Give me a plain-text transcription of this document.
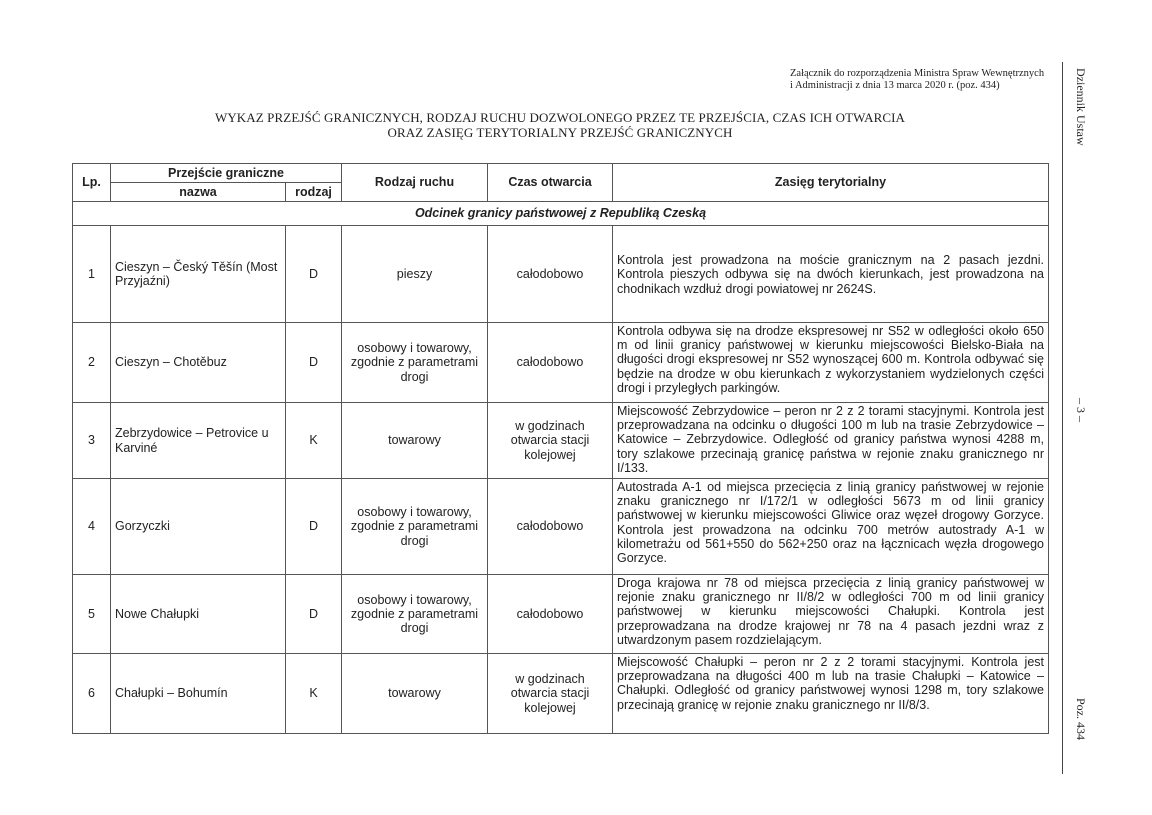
Załącznik do rozporządzenia Ministra Spraw Wewnętrznych
i Administracji z dnia 13 marca 2020 r. (poz. 434)
WYKAZ PRZEJŚĆ GRANICZNYCH, RODZAJ RUCHU DOZWOLONEGO PRZEZ TE PRZEJŚCIA, CZAS ICH OTWARCIA
ORAZ ZASIĘG TERYTORIALNY PRZEJŚĆ GRANICZNYCH	Dziennik Ustaw
– 3 –
Poz. 434
Lp.	Przejście graniczne		Rodzaj ruchu	Czas otwarcia	Zasięg terytorialny
	nazwa	rodzaj			
Odcinek granicy państwowej z Republiką Czeską					
1	Cieszyn – Český Těšín (Most Przyjaźni)	D	pieszy	całodobowo	Kontrola jest prowadzona na moście granicznym na 2 pasach jezdni. Kontrola pieszych odbywa się na dwóch kierunkach, jest prowadzona na chodnikach wzdłuż drogi powiatowej nr 2624S.
2	Cieszyn – Chotěbuz	D	osobowy i towarowy, zgodnie z parametrami drogi	całodobowo	Kontrola odbywa się na drodze ekspresowej nr S52 w odległości około 650 m od linii granicy państwowej w kierunku miejscowości Bielsko-Biała na długości drogi ekspresowej nr S52 wynoszącej 600 m. Kontrola odbywać się będzie na drodze w obu kierunkach z wykorzystaniem wydzielonych części drogi i przyległych parkingów.
3	Zebrzydowice – Petrovice u Karviné	K	towarowy	w godzinach otwarcia stacji kolejowej	Miejscowość Zebrzydowice – peron nr 2 z 2 torami stacyjnymi. Kontrola jest przeprowadzana na odcinku o długości 100 m lub na trasie Zebrzydowice – Katowice – Zebrzydowice. Odległość od granicy państwa wynosi 4288 m, tory szlakowe przecinają granicę państwa w rejonie znaku granicznego nr I/133.
4	Gorzyczki	D	osobowy i towarowy, zgodnie z parametrami drogi	całodobowo	Autostrada A-1 od miejsca przecięcia z linią granicy państwowej w rejonie znaku granicznego nr I/172/1 w odległości 5673 m od linii granicy państwowej w kierunku miejscowości Gliwice oraz węzeł drogowy Gorzyce. Kontrola jest prowadzona na odcinku 700 metrów autostrady A-1 w kilometrażu od 561+550 do 562+250 oraz na łącznicach węzła drogowego Gorzyce.
5	Nowe Chałupki	D	osobowy i towarowy, zgodnie z parametrami drogi	całodobowo	Droga krajowa nr 78 od miejsca przecięcia z linią granicy państwowej w rejonie znaku granicznego nr II/8/2 w odległości 700 m od linii granicy państwowej w kierunku miejscowości Chałupki. Kontrola jest przeprowadzana na drodze krajowej nr 78 na 4 pasach jezdni wraz z utwardzonym pasem rozdzielającym.
6	Chałupki – Bohumín	K	towarowy	w godzinach otwarcia stacji kolejowej	Miejscowość Chałupki – peron nr 2 z 2 torami stacyjnymi. Kontrola jest przeprowadzana na długości 400 m lub na trasie Chałupki – Katowice – Chałupki. Odległość od granicy państwowej wynosi 1298 m, tory szlakowe przecinają granicę w rejonie znaku granicznego nr II/8/3.
